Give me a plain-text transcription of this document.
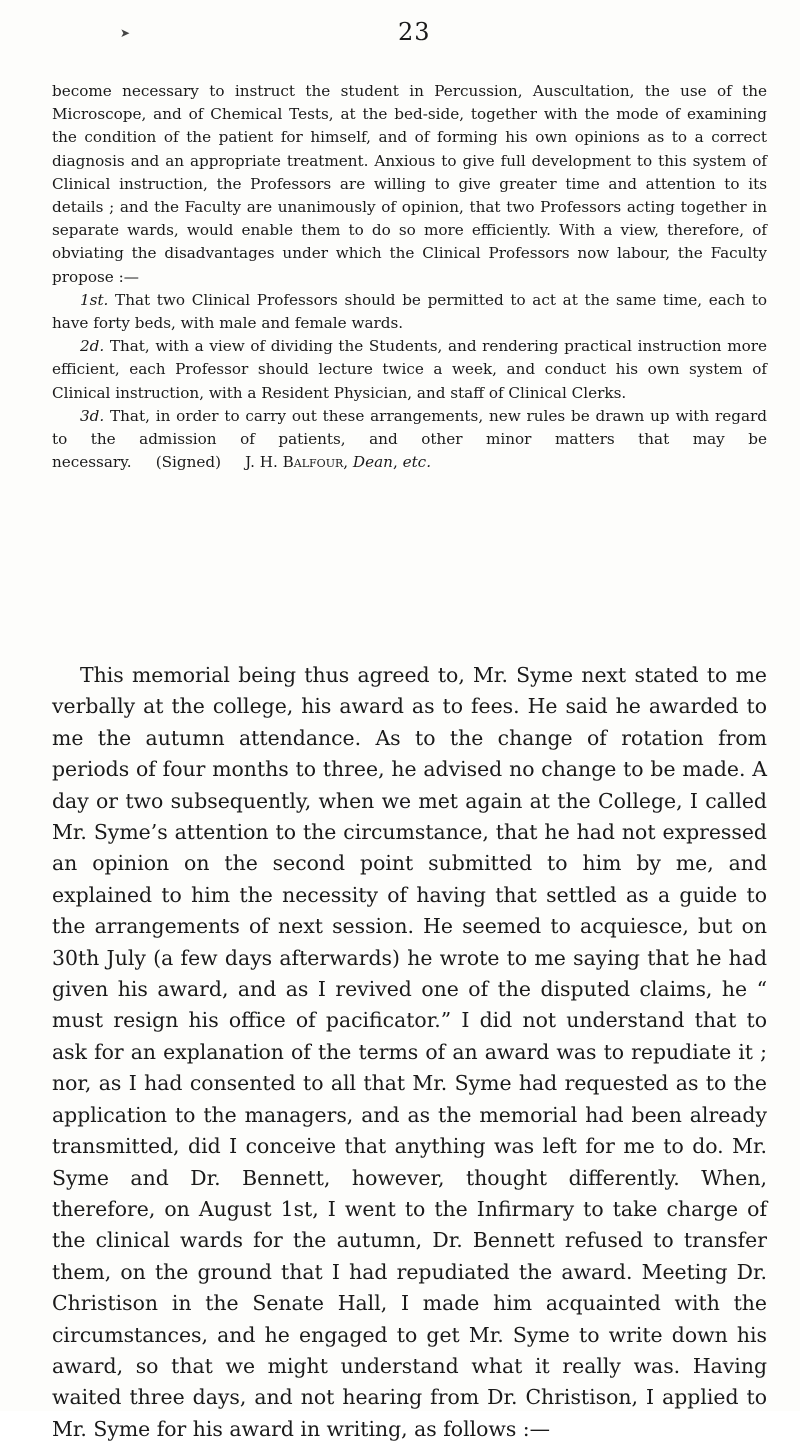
➤	23

become necessary to instruct the student in Percussion, Auscultation, the use of the Microscope, and of Chemical Tests, at the bed-side, together with the mode of examining the condition of the patient for himself, and of forming his own opinions as to a correct diagnosis and an appropriate treatment. Anxious to give full development to this system of Clinical instruction, the Professors are willing to give greater time and attention to its details ; and the Faculty are unanimously of opinion, that two Professors acting together in separate wards, would enable them to do so more efficiently. With a view, therefore, of obviating the disadvantages under which the Clinical Professors now labour, the Faculty propose :—

1st. That two Clinical Professors should be permitted to act at the same time, each to have forty beds, with male and female wards.

2d. That, with a view of dividing the Students, and rendering practical instruction more efficient, each Professor should lecture twice a week, and conduct his own system of Clinical instruction, with a Resident Physician, and staff of Clinical Clerks.

3d. That, in order to carry out these arrangements, new rules be drawn up with regard to the admission of patients, and other minor matters that may be necessary. (Signed) J. H. Balfour, Dean, etc.

This memorial being thus agreed to, Mr. Syme next stated to me verbally at the college, his award as to fees. He said he awarded to me the autumn attendance. As to the change of rotation from periods of four months to three, he advised no change to be made. A day or two subsequently, when we met again at the College, I called Mr. Syme’s attention to the circumstance, that he had not expressed an opinion on the second point submitted to him by me, and explained to him the necessity of having that settled as a guide to the arrangements of next session. He seemed to acquiesce, but on 30th July (a few days afterwards) he wrote to me saying that he had given his award, and as I revived one of the disputed claims, he “ must resign his office of pacificator.” I did not understand that to ask for an explanation of the terms of an award was to repudiate it ; nor, as I had consented to all that Mr. Syme had requested as to the application to the managers, and as the memorial had been already transmitted, did I conceive that anything was left for me to do. Mr. Syme and Dr. Bennett, however, thought differently. When, therefore, on August 1st, I went to the Infirmary to take charge of the clinical wards for the autumn, Dr. Bennett refused to transfer them, on the ground that I had repudiated the award. Meeting Dr. Christison in the Senate Hall, I made him acquainted with the circumstances, and he engaged to get Mr. Syme to write down his award, so that we might understand what it really was. Having waited three days, and not hearing from Dr. Christison, I applied to Mr. Syme for his award in writing, as follows :—
